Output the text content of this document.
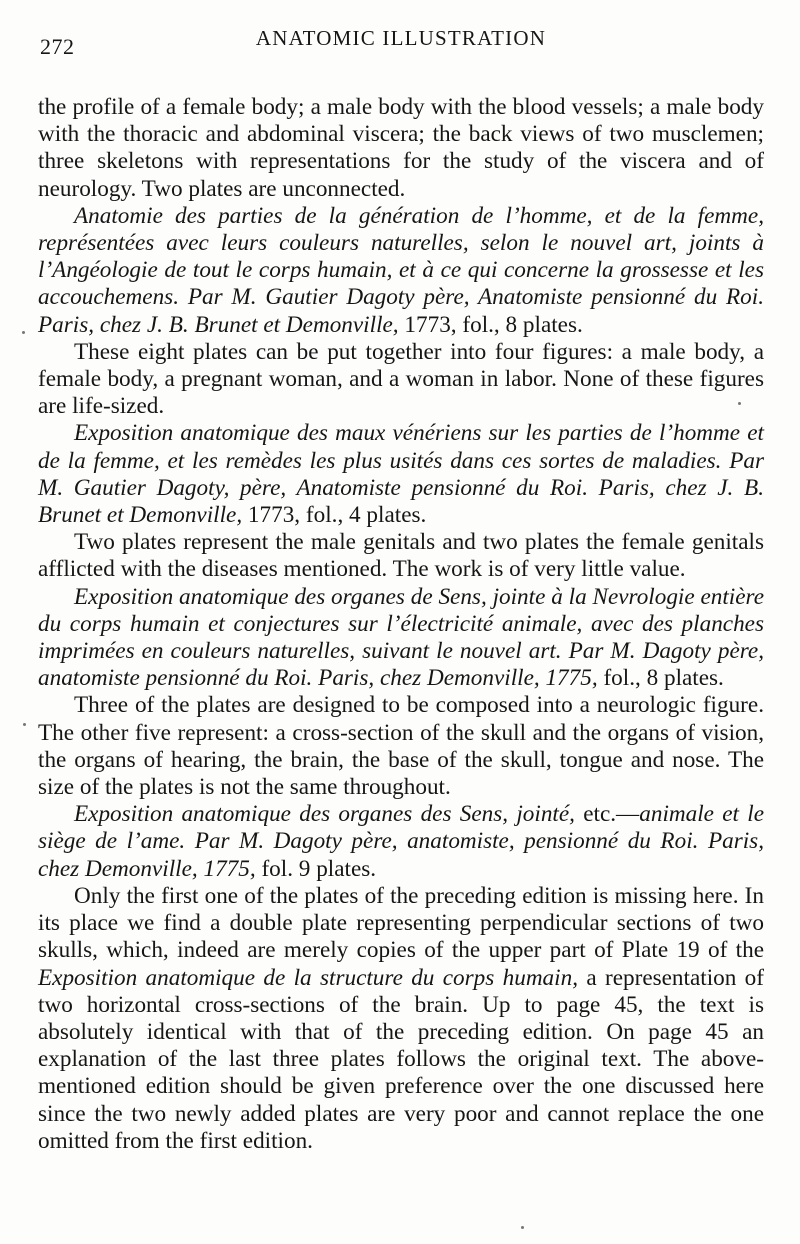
272	ANATOMIC ILLUSTRATION

the profile of a female body; a male body with the blood vessels; a male body with the thoracic and abdominal viscera; the back views of two musclemen; three skeletons with representations for the study of the viscera and of neurology. Two plates are unconnected.

Anatomie des parties de la génération de l’homme, et de la femme, représentées avec leurs couleurs naturelles, selon le nouvel art, joints à l’Angéologie de tout le corps humain, et à ce qui concerne la grossesse et les accouchemens. Par M. Gautier Dagoty père, Anatomiste pensionné du Roi. Paris, chez J. B. Brunet et Demonville, 1773, fol., 8 plates.

These eight plates can be put together into four figures: a male body, a female body, a pregnant woman, and a woman in labor. None of these figures are life-sized.

Exposition anatomique des maux vénériens sur les parties de l’homme et de la femme, et les remèdes les plus usités dans ces sortes de maladies. Par M. Gautier Dagoty, père, Anatomiste pensionné du Roi. Paris, chez J. B. Brunet et Demonville, 1773, fol., 4 plates.

Two plates represent the male genitals and two plates the female genitals afflicted with the diseases mentioned. The work is of very little value.

Exposition anatomique des organes de Sens, jointe à la Nevrologie entière du corps humain et conjectures sur l’électricité animale, avec des planches imprimées en couleurs naturelles, suivant le nouvel art. Par M. Dagoty père, anatomiste pensionné du Roi. Paris, chez Demonville, 1775, fol., 8 plates.

Three of the plates are designed to be composed into a neurologic figure. The other five represent: a cross-section of the skull and the organs of vision, the organs of hearing, the brain, the base of the skull, tongue and nose. The size of the plates is not the same throughout.

Exposition anatomique des organes des Sens, jointé, etc.—animale et le siège de l’ame. Par M. Dagoty père, anatomiste, pensionné du Roi. Paris, chez Demonville, 1775, fol. 9 plates.

Only the first one of the plates of the preceding edition is missing here. In its place we find a double plate representing perpendicular sections of two skulls, which, indeed are merely copies of the upper part of Plate 19 of the Exposition anatomique de la structure du corps humain, a representation of two horizontal cross-sections of the brain. Up to page 45, the text is absolutely identical with that of the preceding edition. On page 45 an explanation of the last three plates follows the original text. The above-mentioned edition should be given preference over the one discussed here since the two newly added plates are very poor and cannot replace the one omitted from the first edition.
